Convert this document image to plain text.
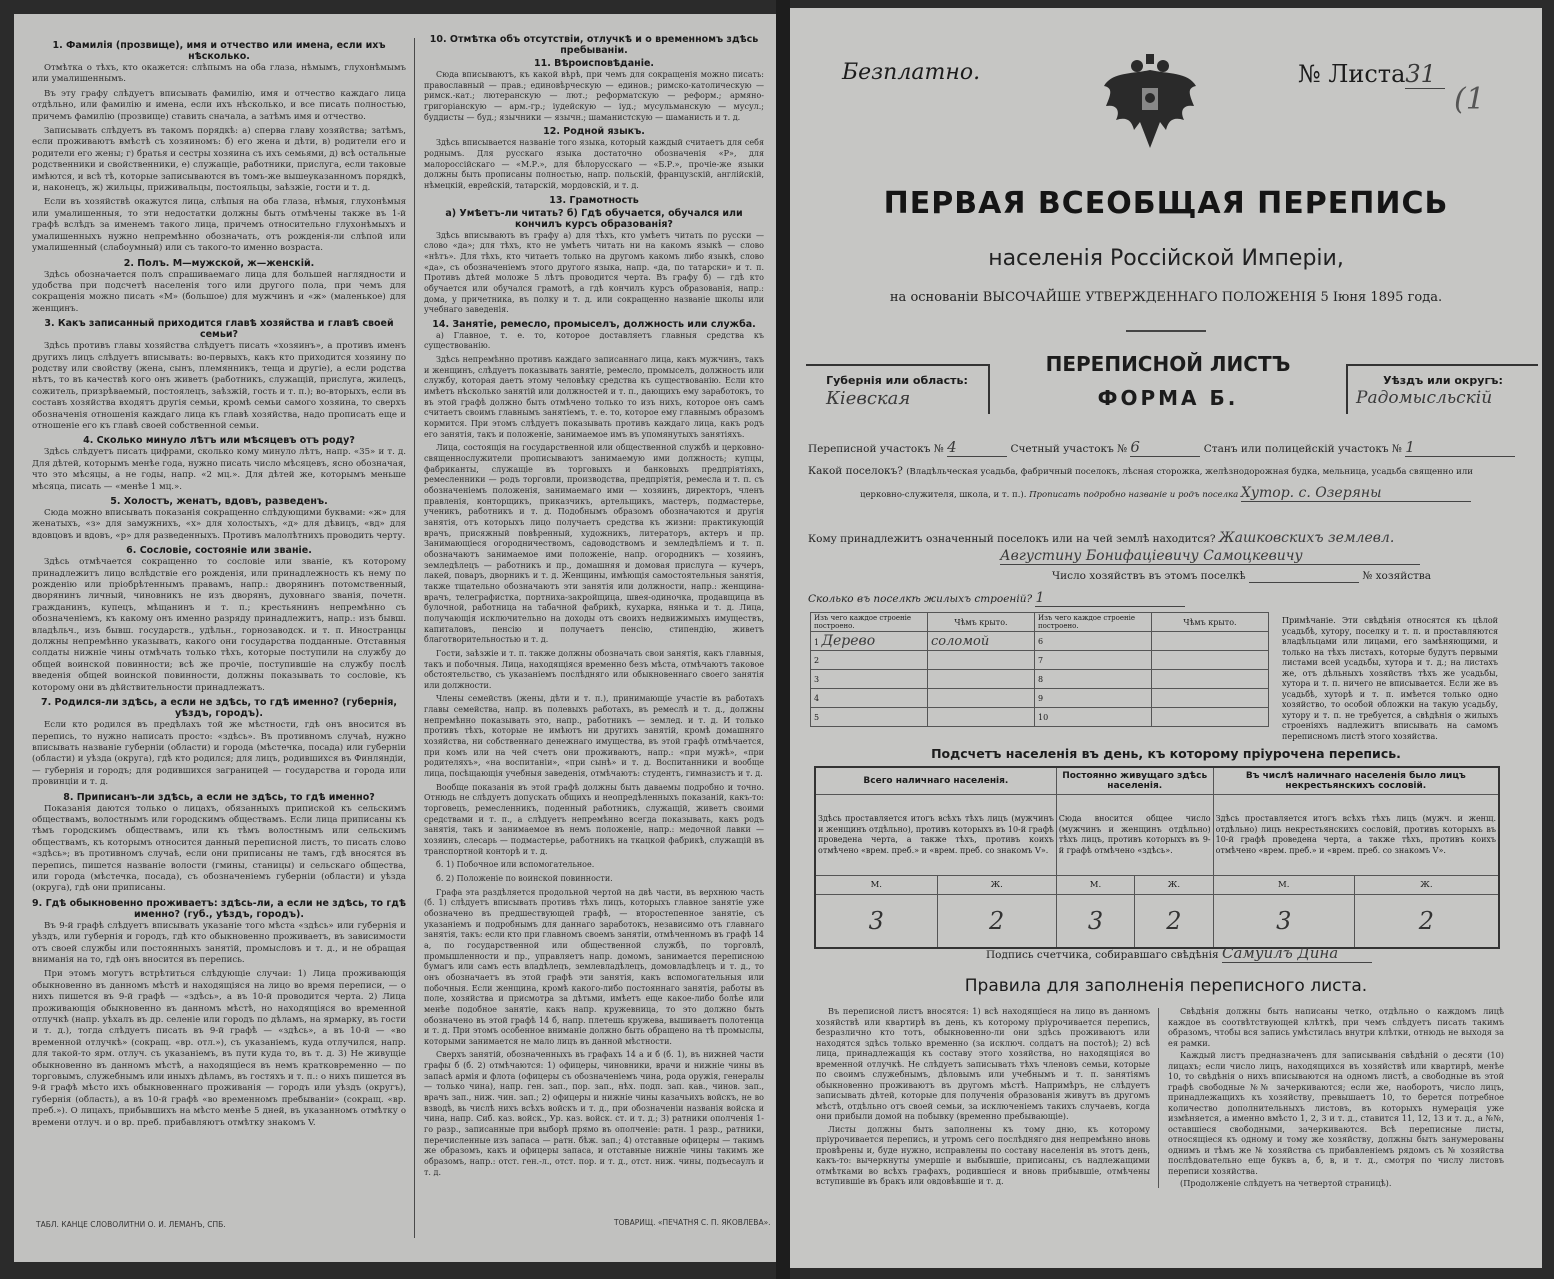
1. Фамилія (прозвище), имя и отчество или имена, если ихъ нѣсколько.

Отмѣтка о тѣхъ, кто окажется: слѣпымъ на оба глаза, нѣмымъ, глухонѣмымъ или умалишеннымъ.

Въ эту графу слѣдуетъ вписывать фамилію, имя и отчество каждаго лица отдѣльно, или фамилію и имена, если ихъ нѣсколько, и все писать полностью, причемъ фамилію (прозвище) ставить сначала, а затѣмъ имя и отчество.

Записывать слѣдуетъ въ такомъ порядкѣ: а) сперва главу хозяйства; затѣмъ, если проживаютъ вмѣстѣ съ хозяиномъ: б) его жена и дѣти, в) родители его и родители его жены; г) братья и сестры хозяина съ ихъ семьями, д) всѣ остальные родственники и свойственники, е) служащіе, работники, прислуга, если таковые имѣются, и всѣ тѣ, которые записываются въ томъ-же вышеуказанномъ порядкѣ, и, наконецъ, ж) жильцы, приживальцы, постояльцы, заѣзжіе, гости и т. д.

Если въ хозяйствѣ окажутся лица, слѣпыя на оба глаза, нѣмыя, глухонѣмыя или умалишенныя, то эти недостатки должны быть отмѣчены также въ 1-й графѣ вслѣдъ за именемъ такого лица, причемъ относительно глухонѣмыхъ и умалишенныхъ нужно непремѣнно обозначать, отъ рожденія-ли слѣпой или умалишенный (слабоумный) или съ такого-то именно возраста.

2. Полъ. М—мужской, ж—женскій.

Здѣсь обозначается полъ спрашиваемаго лица для большей наглядности и удобства при подсчетѣ населенія того или другого пола, при чемъ для сокращенія можно писать «М» (большое) для мужчинъ и «ж» (маленькое) для женщинъ.

3. Какъ записанный приходится главѣ хозяйства и главѣ своей семьи?

Здѣсь противъ главы хозяйства слѣдуетъ писать «хозяинъ», а противъ именъ другихъ лицъ слѣдуетъ вписывать: во-первыхъ, какъ кто приходится хозяину по родству или свойству (жена, сынъ, племянникъ, теща и другіе), а если родства нѣтъ, то въ качествѣ кого онъ живетъ (работникъ, служащій, прислуга, жилецъ, сожитель, призрѣваемый, постоялецъ, заѣзжій, гость и т. п.); во-вторыхъ, если въ составъ хозяйства входятъ другія семьи, кромѣ семьи самого хозяина, то сверхъ обозначенія отношенія каждаго лица къ главѣ хозяйства, надо прописать еще и отношеніе его къ главѣ своей собственной семьи.

4. Сколько минуло лѣтъ или мѣсяцевъ отъ роду?

Здѣсь слѣдуетъ писать цифрами, сколько кому минуло лѣтъ, напр. «35» и т. д. Для дѣтей, которымъ менѣе года, нужно писать число мѣсяцевъ, ясно обозначая, что это мѣсяцы, а не годы, напр. «2 мц.». Для дѣтей же, которымъ меньше мѣсяца, писать — «менѣе 1 мц.».

5. Холостъ, женатъ, вдовъ, разведенъ.

Сюда можно вписывать показанія сокращенно слѣдующими буквами: «ж» для женатыхъ, «з» для замужнихъ, «х» для холостыхъ, «д» для дѣвицъ, «вд» для вдовцовъ и вдовъ, «р» для разведенныхъ. Противъ малолѣтнихъ проводить черту.

6. Сословіе, состояніе или званіе.

Здѣсь отмѣчается сокращенно то сословіе или званіе, къ которому принадлежитъ лицо вслѣдствіе его рожденія, или принадлежность къ нему по рожденію или пріобрѣтеннымъ правамъ, напр.: дворянинъ потомственный, дворянинъ личный, чиновникъ не изъ дворянъ, духовнаго званія, почетн. гражданинъ, купецъ, мѣщанинъ и т. п.; крестьянинъ непремѣнно съ обозначеніемъ, къ какому онъ именно разряду принадлежитъ, напр.: изъ бывш. владѣльч., изъ бывш. государств., удѣльн., горнозаводск. и т. п. Иностранцы должны непремѣнно указывать, какого они государства подданные. Отставныя солдаты нижніе чины отмѣчать только тѣхъ, которые поступили на службу до общей воинской повинности; всѣ же прочіе, поступившіе на службу послѣ введенія общей воинской повинности, должны показывать то сословіе, къ которому они въ дѣйствительности принадлежатъ.

7. Родился-ли здѣсь, а если не здѣсь, то гдѣ именно? (губернія, уѣздъ, городъ).

Если кто родился въ предѣлахъ той же мѣстности, гдѣ онъ вносится въ перепись, то нужно написать просто: «здѣсь». Въ противномъ случаѣ, нужно вписывать названіе губерніи (области) и города (мѣстечка, посада) или губерніи (области) и уѣзда (округа), гдѣ кто родился; для лицъ, родившихся въ Финляндіи, — губернія и городъ; для родившихся заграницей — государства и города или провинціи и т. д.

8. Приписанъ-ли здѣсь, а если не здѣсь, то гдѣ именно?

Показанія даются только о лицахъ, обязанныхъ припиской къ сельскимъ обществамъ, волостнымъ или городскимъ обществамъ. Если лица приписаны къ тѣмъ городскимъ обществамъ, или къ тѣмъ волостнымъ или сельскимъ обществамъ, къ которымъ относится данный переписной листъ, то писать слово «здѣсь»; въ противномъ случаѣ, если они приписаны не тамъ, гдѣ вносятся въ перепись, пишется названіе волости (гмины, станицы) и сельскаго общества, или города (мѣстечка, посада), съ обозначеніемъ губерніи (области) и уѣзда (округа), гдѣ они приписаны.

9. Гдѣ обыкновенно проживаетъ: здѣсь-ли, а если не здѣсь, то гдѣ именно? (губ., уѣздъ, городъ).

Въ 9-й графѣ слѣдуетъ вписывать указаніе того мѣста «здѣсь» или губернія и уѣздъ, или губернія и городъ, гдѣ кто обыкновенно проживаетъ, въ зависимости отъ своей службы или постоянныхъ занятій, промысловъ и т. д., и не обращая вниманія на то, гдѣ онъ вносится въ перепись.

При этомъ могутъ встрѣтиться слѣдующіе случаи: 1) Лица проживающія обыкновенно въ данномъ мѣстѣ и находящіяся на лицо во время переписи, — о нихъ пишется въ 9-й графѣ — «здѣсь», а въ 10-й проводится черта. 2) Лица проживающія обыкновенно въ данномъ мѣстѣ, но находящіяся во временной отлучкѣ (напр. уѣхалъ въ др. селеніе или городъ по дѣламъ, на ярмарку, въ гости и т. д.), тогда слѣдуетъ писать въ 9-й графѣ — «здѣсь», а въ 10-й — «во временной отлучкѣ» (сокращ. «вр. отл.»), съ указаніемъ, куда отлучился, напр. для такой-то ярм. отлуч. съ указаніемъ, въ пути куда то, въ т. д. 3) Не живущіе обыкновенно въ данномъ мѣстѣ, а находящіеся въ немъ кратковременно — по торговымъ, служебнымъ или иныхъ дѣламъ, въ гостяхъ и т. п.: о нихъ пишется въ 9-й графѣ мѣсто ихъ обыкновеннаго проживанія — городъ или уѣздъ (округъ), губернія (область), а въ 10-й графѣ «во временномъ пребываніи» (сокращ. «вр. преб.»). О лицахъ, прибывшихъ на мѣсто менѣе 5 дней, въ указанномъ отмѣтку о времени отлуч. и о вр. преб. прибавляютъ отмѣтку знакомъ V.

10. Отмѣтка объ отсутствіи, отлучкѣ и о временномъ здѣсь пребываніи.
11. Вѣроисповѣданіе.

Сюда вписываютъ, къ какой вѣрѣ, при чемъ для сокращенія можно писать: православный — прав.; единовѣрческую — единов.; римско-католическую — римск.-кат.; лютеранскую — лют.; реформатскую — реформ.; армяно-григоріанскую — арм.-гр.; іудейскую — іуд.; мусульманскую — мусул.; буддисты — буд.; язычники — язычн.; шаманистскую — шаманисть и т. д.

12. Родной языкъ.

Здѣсь вписывается названіе того языка, который каждый считаетъ для себя роднымъ. Для русскаго языка достаточно обозначенія «Р», для малороссійскаго — «М.Р.», для бѣлорусскаго — «Б.Р.», прочіе-же языки должны быть прописаны полностью, напр. польскій, французскій, англійскій, нѣмецкій, еврейскій, татарскій, мордовскій, и т. д.

13. Грамотность
а) Умѣетъ-ли читать? б) Гдѣ обучается, обучался или кончилъ курсъ образованія?

Здѣсь вписывають въ графу а) для тѣхъ, кто умѣетъ читать по русски — слово «да»; для тѣхъ, кто не умѣетъ читать ни на какомъ языкѣ — слово «нѣтъ». Для тѣхъ, кто читаетъ только на другомъ какомъ либо языкѣ, слово «да», съ обозначеніемъ этого другого языка, напр. «да, по татарски» и т. п. Противъ дѣтей моложе 5 лѣтъ проводится черта. Въ графу б) — гдѣ кто обучается или обучался грамотѣ, а гдѣ кончилъ курсъ образованія, напр.: дома, у причетника, въ полку и т. д. или сокращенно названіе школы или учебнаго заведенія.

14. Занятіе, ремесло, промыселъ, должность или служба.

а) Главное, т. е. то, которое доставляетъ главныя средства къ существованію.

Здѣсь непремѣнно противъ каждаго записаннаго лица, какъ мужчинъ, такъ и женщинъ, слѣдуетъ показывать занятіе, ремесло, промыселъ, должность или службу, которая даетъ этому человѣку средства къ существованію. Если кто имѣетъ нѣсколько занятій или должностей и т. п., дающихъ ему заработокъ, то въ этой графѣ должно быть отмѣчено только то изъ нихъ, которое онъ самъ считаетъ своимъ главнымъ занятіемъ, т. е. то, которое ему главнымъ образомъ кормится. При этомъ слѣдуетъ показывать противъ каждаго лица, какъ родъ его занятія, такъ и положеніе, занимаемое имъ въ упомянутыхъ занятіяхъ.

Лица, состоящія на государственной или общественной службѣ и церковно-священнослужители прописываютъ занимаемую ими должность; купцы, фабриканты, служащіе въ торговыхъ и банковыхъ предпріятіяхъ, ремесленники — родъ торговли, производства, предпріятія, ремесла и т. п. съ обозначеніемъ положенія, занимаемаго ими — хозяинъ, директоръ, членъ правленія, конторщикъ, приказчикъ, артельщикъ, мастеръ, подмастерье, ученикъ, работникъ и т. д. Подобнымъ образомъ обозначаются и другія занятія, отъ которыхъ лицо получаетъ средства къ жизни: практикующій врачъ, присяжный повѣренный, художникъ, литераторъ, актеръ и пр. Занимающіеся огородничествомъ, садоводствомъ и земледѣліемъ и т. п. обозначаютъ занимаемое ими положеніе, напр. огородникъ — хозяинъ, земледѣлецъ — работникъ и пр., домашняя и домовая прислуга — кучеръ, лакей, поваръ, дворникъ и т. д. Женщины, имѣющія самостоятельныя занятія, также тщательно обозначаютъ эти занятія или должности, напр.: женщина-врачъ, телеграфистка, портниха-закройщица, швея-одиночка, продавщица въ булочной, работница на табачной фабрикѣ, кухарка, нянька и т. д. Лица, получающія исключительно на доходы отъ своихъ недвижимыхъ имуществъ, капиталовъ, пенсію и получаетъ пенсію, стипендію, живетъ благотворительностью и т. д.

Гости, заѣзжіе и т. п. также должны обозначать свои занятія, какъ главныя, такъ и побочныя. Лица, находящіяся временно безъ мѣста, отмѣчаютъ таковое обстоятельство, съ указаніемъ послѣдняго или обыкновеннаго своего занятія или должности.

Члены семействъ (жены, дѣти и т. п.), принимающіе участіе въ работахъ главы семейства, напр. въ полевыхъ работахъ, въ ремеслѣ и т. д., должны непремѣнно показывать это, напр., работникъ — землед. и т. д. И только противъ тѣхъ, которые не имѣютъ ни другихъ занятій, кромѣ домашняго хозяйства, ни собственнаго денежнаго имущества, въ этой графѣ отмѣчается, при комъ или на чей счетъ они проживаютъ, напр.: «при мужѣ», «при родителяхъ», «на воспитаніи», «при сынѣ» и т. д. Воспитанники и вообще лица, посѣщающія учебныя заведенія, отмѣчаютъ: студентъ, гимназистъ и т. д.

Вообще показанія въ этой графѣ должны быть даваемы подробно и точно. Отнюдь не слѣдуетъ допускать общихъ и неопредѣленныхъ показаній, какъ-то: торговецъ, ремесленникъ, поденный работникъ, служащій, живетъ своими средствами и т. п., а слѣдуетъ непремѣнно всегда показывать, какъ родъ занятія, такъ и занимаемое въ немъ положеніе, напр.: медочной лавки — хозяинъ, слесарь — подмастерье, работникъ на ткацкой фабрикѣ, служащій въ транспортной конторѣ и т. д.

б. 1) Побочное или вспомогательное.

б. 2) Положеніе по воинской повинности.

Графа эта раздѣляется продольной чертой на двѣ части, въ верхнюю часть (б. 1) слѣдуетъ вписывать противъ тѣхъ лицъ, которыхъ главное занятіе уже обозначено въ предшествующей графѣ, — второстепенное занятіе, съ указаніемъ и подробнымъ для даннаго заработокъ, независимо отъ главнаго занятія, такъ: если кто при главномъ своемъ занятіи, отмѣченномъ въ графѣ 14 а, по государственной или общественной службѣ, по торговлѣ, промышленности и пр., управляетъ напр. домомъ, занимается переписною бумагъ или самъ есть владѣлецъ, землевладѣлецъ, домовладѣлецъ и т. д., то онъ обозначаетъ въ этой графѣ эти занятія, какъ вспомогательныя или побочныя. Если женщина, кромѣ какого-либо постояннаго занятія, работы въ поле, хозяйства и присмотра за дѣтьми, имѣетъ еще какое-либо болѣе или менѣе подобное занятіе, какъ напр. кружевница, то это должно быть обозначено въ этой графѣ 14 б, напр. плетешь кружева, вышиваетъ полотенца и т. д. При этомъ особенное вниманіе должно быть обращено на тѣ промыслы, которыми занимается не мало лицъ въ данной мѣстности.

Сверхъ занятій, обозначенныхъ въ графахъ 14 а и б (б. 1), въ нижней части графы б (б. 2) отмѣчаются: 1) офицеры, чиновники, врачи и нижніе чины въ запасѣ армія и флота (офицеры съ обозначеніемъ чина, рода оружія, генералы — только чина), напр. ген. зап., пор. зап., нѣх. подп. зап. кав., чинов. зап., врачъ зап., ниж. чин. зап.; 2) офицеры и нижніе чины казачьихъ войскъ, не во взводѣ, вь числѣ нихъ всѣхъ войскъ и т. д., при обозначеніи названія войска и чина, напр. Сиб. каз. войск., Ур. каз. войск. ст. и т. д.; 3) ратники ополченія 1-го разр., записанные при выборѣ прямо въ ополченіе: ратн. 1 разр., ратники, перечисленные изъ запаса — ратн. бѣж. зап.; 4) отставные офицеры — такимъ же образомъ, какъ и офицеры запаса, и отставные нижніе чины такимъ же образомъ, напр.: отст. ген.-л., отст. пор. и т. д., отст. ниж. чины, подъесаулъ и т. д.

ТАБЛ. КАНЦЕ СЛОВОЛИТНИ О. И. ЛЕМАНЪ, СПБ.	ТОВАРИЩ. «ПЕЧАТНЯ С. П. ЯКОВЛЕВА».
Безплатно.	№ Листа31
ПЕРВАЯ ВСЕОБЩАЯ ПЕРЕПИСЬ
населенія Россійской Имперіи,
на основаніи ВЫСОЧАЙШЕ УТВЕРЖДЕННАГО ПОЛОЖЕНІЯ 5 Іюня 1895 года.
Губернія или область:
Кіевская
ПЕРЕПИСНОЙ ЛИСТЪ
ФОРМА Б.
Уѣздъ или округъ:
Радомысльскій
Переписной участокъ № 4	Счетный участокъ № 6	Станъ или полицейскій участокъ № 1
Какой поселокъ? (Владѣльческая усадьба, фабричный поселокъ, лѣсная сторожка, желѣзнодорожная будка, мельница, усадьба священно или
церковно-служителя, школа, и т. п.). Прописать подробно названіе и родъ поселка Хутор. с. Озеряны
Кому принадлежитъ означенный поселокъ или на чей землѣ находится? Жашковскихъ землевл.
Августину Бонифаціевичу Самоцкевичу
Число хозяйствъ въ этомъ поселкѣ	№ хозяйства
Сколько въ поселкѣ жилыхъ строеній? 1
Изъ чего каждое строеніе построено.	Чѣмъ крыто.	Изъ чего каждое строеніе построено.	Чѣмъ крыто.
1 Дерево	соломой	6	
2		7	
3		8	
4		9	
5		10	
Примѣчаніе. Эти свѣдѣнія относятся къ цѣлой усадьбѣ, хутору, поселку и т. п. и проставляются владѣльцами или лицами, его замѣняющими, и только на тѣхъ листахъ, которые будутъ первыми листами всей усадьбы, хутора и т. д.; на листахъ же, отъ дѣльныхъ хозяйствъ тѣхъ же усадьбы, хутора и т. п. ничего не вписывается. Если же въ усадьбѣ, хуторѣ и т. п. имѣется только одно хозяйство, то особой обложки на такую усадьбу, хутору и т. п. не требуется, а свѣдѣнія о жилыхъ строеніяхъ надлежитъ вписывать на самомъ переписномъ листѣ этого хозяйства.
Подсчетъ населенія въ день, къ которому пріурочена перепись.
Всего наличнаго населенія.		Постоянно живущаго здѣсь населенія.		Въ числѣ наличнаго населенія было лицъ некрестьянскихъ сословій.	
Здѣсь проставляется итогъ всѣхъ тѣхъ лицъ (мужчинъ и женщинъ отдѣльно), противъ которыхъ въ 10-й графѣ проведена черта, а также тѣхъ, противъ коихъ отмѣчено «врем. преб.» и «врем. преб. со знакомъ V».		Сюда вносится общее число (мужчинъ и женщинъ отдѣльно) тѣхъ лицъ, противъ которыхъ въ 9-й графѣ отмѣчено «здѣсь».		Здѣсь проставляется итогъ всѣхъ тѣхъ лицъ (мужч. и женщ. отдѣльно) лицъ некрестьянскихъ сословій, противъ которыхъ въ 10-й графѣ проведена черта, а также тѣхъ, противъ коихъ отмѣчено «врем. преб.» и «врем. преб. со знакомъ V».	
М.	Ж.	М.	Ж.	М.	Ж.
3	2	3	2	3	2
Подпись счетчика, собиравшаго свѣдѣнія Самуилъ Дина
Правила для заполненія переписного листа.

Въ переписной листъ вносятся: 1) всѣ находящіеся на лицо въ данномъ хозяйствѣ или квартирѣ въ день, къ которому пріурочивается перепись, безразлично кто тотъ, обыкновенно-ли они здѣсь проживаютъ или находятся здѣсь только временно (за исключ. солдатъ на постоѣ); 2) всѣ лица, принадлежащія къ составу этого хозяйства, но находящіяся во временной отлучкѣ. Не слѣдуетъ записывать тѣхъ членовъ семьи, которые по своимъ служебнымъ, дѣловымъ или учебнымъ и т. п. занятіямъ обыкновенно проживаютъ въ другомъ мѣстѣ. Напримѣръ, не слѣдуетъ записывать дѣтей, которые для полученія образованія живутъ въ другомъ мѣстѣ, отдѣльно отъ своей семьи, за исключеніемъ такихъ случаевъ, когда они прибыли домой на побывку (временно пребывающіе).

Листы должны быть заполнены къ тому дню, къ которому пріурочивается перепись, и утромъ сего послѣдняго дня непремѣнно вновь провѣрены и, буде нужно, исправлены по составу населенія въ этотъ день, какъ-то: вычеркнуты умершіе и выбывшіе, приписаны, съ надлежащими отмѣтками во всѣхъ графахъ, родившіеся и вновь прибывшіе, отмѣчены вступившіе въ бракъ или овдовѣвшіе и т. д.

Свѣдѣнія должны быть написаны четко, отдѣльно о каждомъ лицѣ каждое въ соотвѣтствующей клѣткѣ, при чемъ слѣдуетъ писать такимъ образомъ, чтобы вся запись умѣстилась внутри клѣтки, отнюдь не выходя за ея рамки.

Каждый листъ предназначенъ для записыванія свѣдѣній о десяти (10) лицахъ; если число лицъ, находящихся въ хозяйствѣ или квартирѣ, менѣе 10, то свѣдѣнія о нихъ вписываются на одномъ листѣ, а свободные въ этой графѣ свободные №№ зачеркиваются; если же, наоборотъ, число лицъ, принадлежащихъ къ хозяйству, превышаетъ 10, то берется потребное количество дополнительныхъ листовъ, въ которыхъ нумерація уже измѣняется, а именно вмѣсто 1, 2, 3 и т. д., ставится 11, 12, 13 и т. д., а №№, оставшіеся свободными, зачеркиваются. Всѣ переписные листы, относящіеся къ одному и тому же хозяйству, должны быть занумерованы однимъ и тѣмъ же № хозяйства съ прибавленіемъ рядомъ съ № хозяйства послѣдовательно еще буквъ а, б, в, и т. д., смотря по числу листовъ переписи хозяйства.

(Продолженіе слѣдуетъ на четвертой страницѣ).

(1
